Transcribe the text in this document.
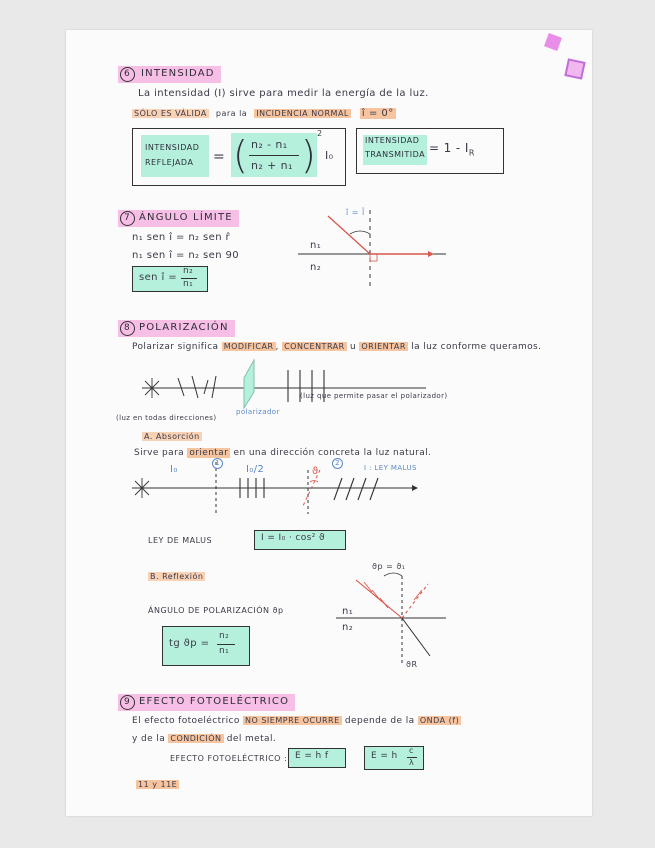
6 INTENSIDAD
La intensidad (I) sirve para medir la energía de la luz.
SÓLO ES VÁLIDA para la INCIDENCIA NORMAL î = 0°
INTENSIDAD
REFLEJADA	= ( n₂ - n₁
n₂ + n₁ ) 2
I₀
INTENSIDAD
TRANSMITIDA = $1 - I_R$
7 ÁNGULO LÍMITE
n₁ sen î = n₂ sen r̂
n₁ sen î = n₂ sen 90
sen î =
n₂
n₁
î = l̂
n₁
n₂
8 POLARIZACIÓN
Polarizar significa MODIFICAR , CONCENTRAR u ORIENTAR la luz conforme queramos.
(luz en todas direcciones)
polarizador
(luz que permite pasar el polarizador)
A. Absorción
Sirve para orientar en una dirección concreta la luz natural.
I₀	I₀/2	I : LEY MALUS
1	2
ϑ
LEY DE MALUS	I = I₀ · cos² ϑ
B. Reflexión
ÁNGULO DE POLARIZACIÓN ϑp
tg ϑp =
n₂
n₁
ϑp = ϑ₁
n₁
n₂
ϑR
9 EFECTO FOTOELÉCTRICO
El efecto fotoeléctrico NO SIEMPRE OCURRE depende de la ONDA (f)
y de la CONDICIÓN del metal.
EFECTO FOTOELÉCTRICO : E = h f	E = h
c
λ
11 y 11E
